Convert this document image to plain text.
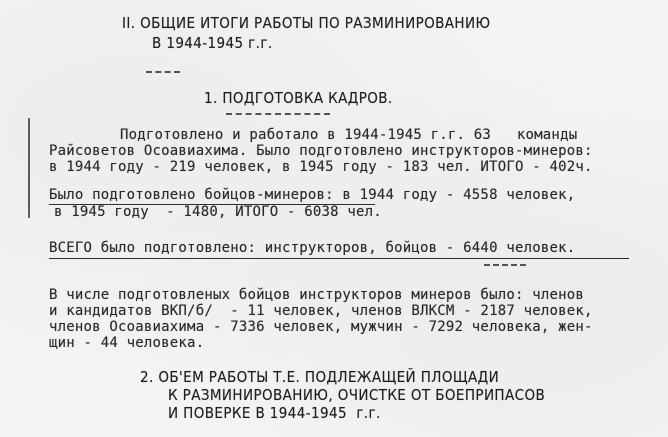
II. ОБЩИЕ ИТОГИ РАБОТЫ ПО РАЗМИНИРОВАНИЮ
В 1944-1945 г.г.
1. ПОДГОТОВКА КАДРОВ.
Подготовлено и работало в 1944-1945 г.г. 63   команды
Райсоветов Осоавиахима. Было подготовлено инструкторов-минеров:
в 1944 году - 219 человек, в 1945 году - 183 чел. ИТОГО - 402ч.
Было подготовлено бойцов-минеров: в 1944 году - 4558 человек,
в 1945 году  - 1480, ИТОГО - 6038 чел.
ВСЕГО было подготовлено: инструкторов, бойцов - 6440 человек.
В числе подготовленых бойцов инструкторов минеров было: членов
и кандидатов ВКП/б/  - 11 человек, членов ВЛКСМ - 2187 человек,
членов Осоавиахима - 7336 человек, мужчин - 7292 человека, жен-
щин - 44 человека.
2. ОБ'ЕМ РАБОТЫ Т.Е. ПОДЛЕЖАЩЕЙ ПЛОЩАДИ
К РАЗМИНИРОВАНИЮ, ОЧИСТКЕ ОТ БОЕПРИПАСОВ
И ПОВЕРКЕ В 1944-1945  г.г.
